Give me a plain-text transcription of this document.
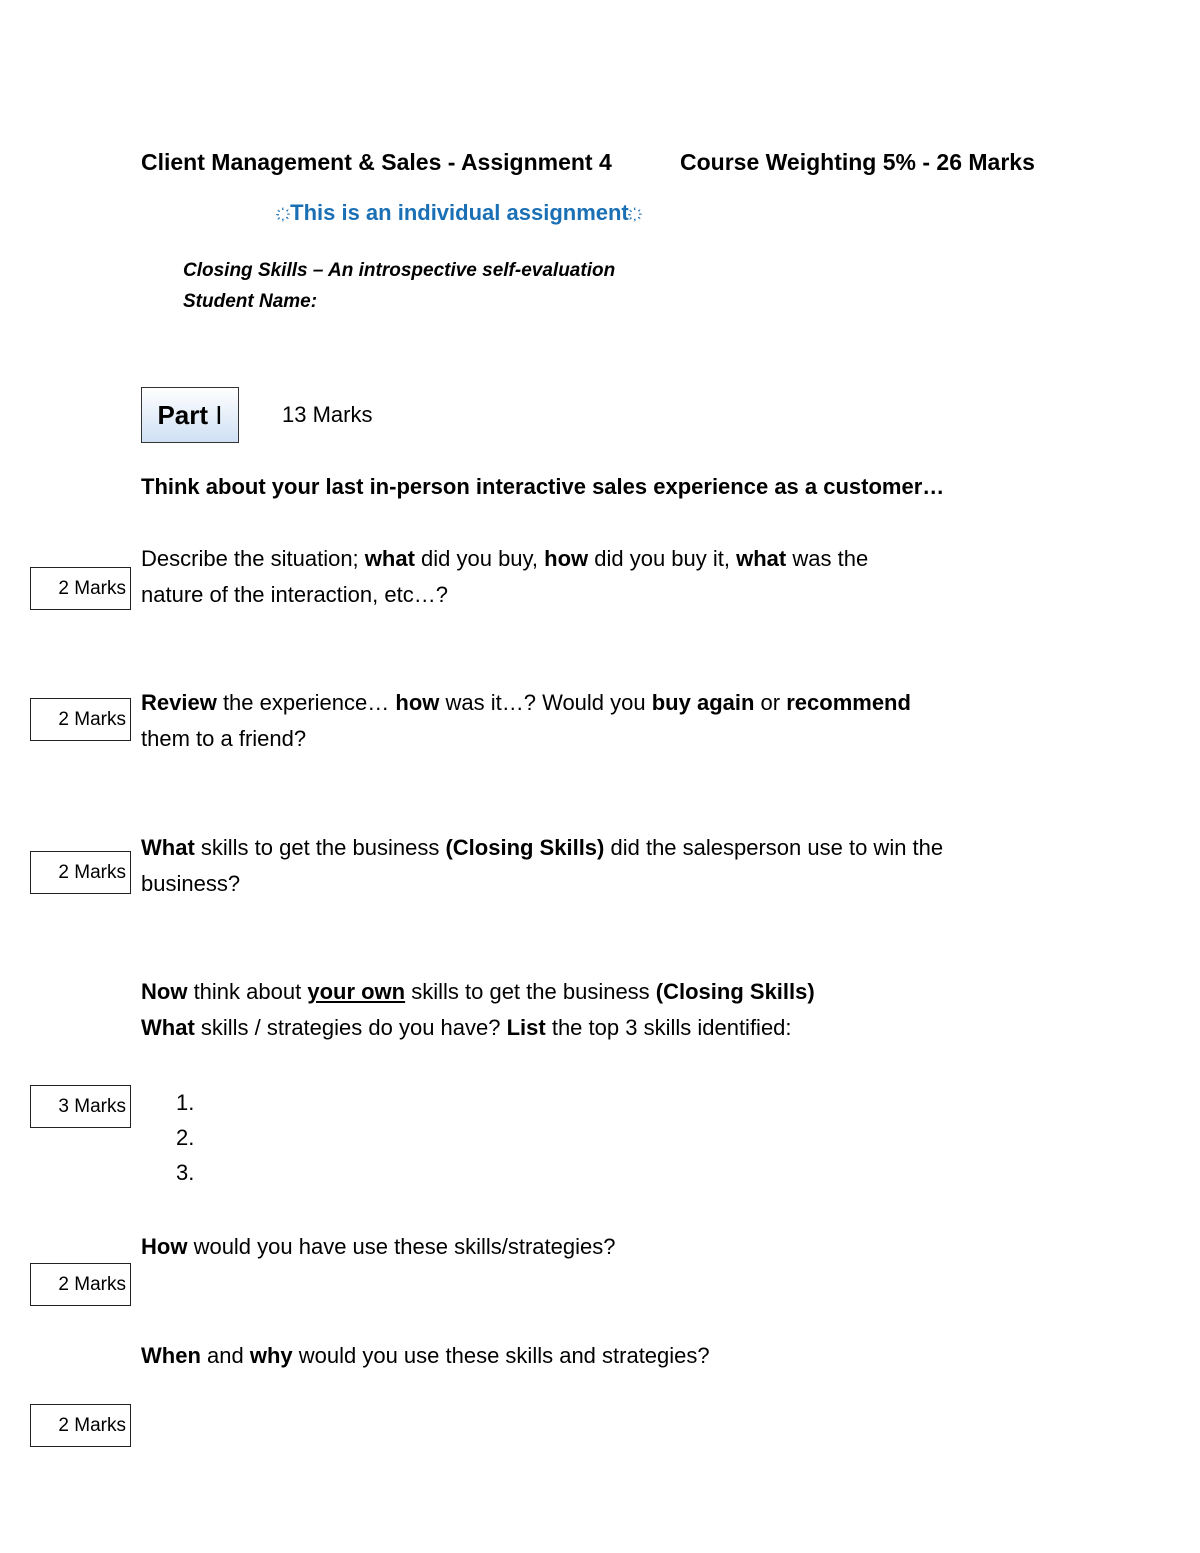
Client Management & Sales - Assignment 4	Course Weighting 5% - 26 Marks
҉҉҉ This is an individual assignment ҉҉҉
Closing Skills – An introspective self-evaluation
Student Name:
Part
I	13 Marks
Think about your last in-person interactive sales experience as a customer…
2 Marks
Describe the situation; what did you buy, how did you buy it, what was the
nature of the interaction, etc…?
2 Marks
Review the experience… how was it…? Would you buy again or recommend
them to a friend?
2 Marks
What skills to get the business (Closing Skills) did the salesperson use to win the
business?
Now think about your own skills to get the business (Closing Skills)
What skills / strategies do you have? List the top 3 skills identified:
3 Marks 1.
2.
3.
How would you have use these skills/strategies?
2 Marks
When and why would you use these skills and strategies?
2 Marks
